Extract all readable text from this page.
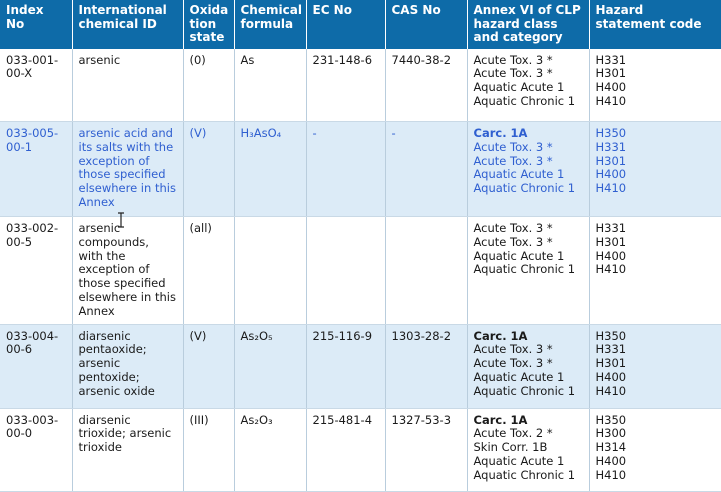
Index No	International chemical ID	Oxida tion state	Chemical formula	EC No	CAS No	Annex VI of CLP hazard class and category	Hazard statement code
033-001-00-X	arsenic	(0)	As	231-148-6	7440-38-2	Acute Tox. 3 *
Acute Tox. 3 *
Aquatic Acute 1
Aquatic Chronic 1	H331
H301
H400
H410

033-005-00-1	arsenic acid and its salts with the exception of those specified elsewhere in this Annex	(V)	H₃AsO₄	-	-	Carc. 1A
Acute Tox. 3 *
Acute Tox. 3 *
Aquatic Acute 1
Aquatic Chronic 1	H350
H331
H301
H400
H410

033-002-00-5	arsenic compounds, with the exception of those specified elsewhere in this Annex	(all)				Acute Tox. 3 *
Acute Tox. 3 *
Aquatic Acute 1
Aquatic Chronic 1	H331
H301
H400
H410

033-004-00-6	diarsenic pentaoxide; arsenic pentoxide; arsenic oxide	(V)	As₂O₅	215-116-9	1303-28-2	Carc. 1A
Acute Tox. 3 *
Acute Tox. 3 *
Aquatic Acute 1
Aquatic Chronic 1	H350
H331
H301
H400
H410

033-003-00-0	diarsenic trioxide; arsenic trioxide	(III)	As₂O₃	215-481-4	1327-53-3	Carc. 1A
Acute Tox. 2 *
Skin Corr. 1B
Aquatic Acute 1
Aquatic Chronic 1	H350
H300
H314
H400
H410
